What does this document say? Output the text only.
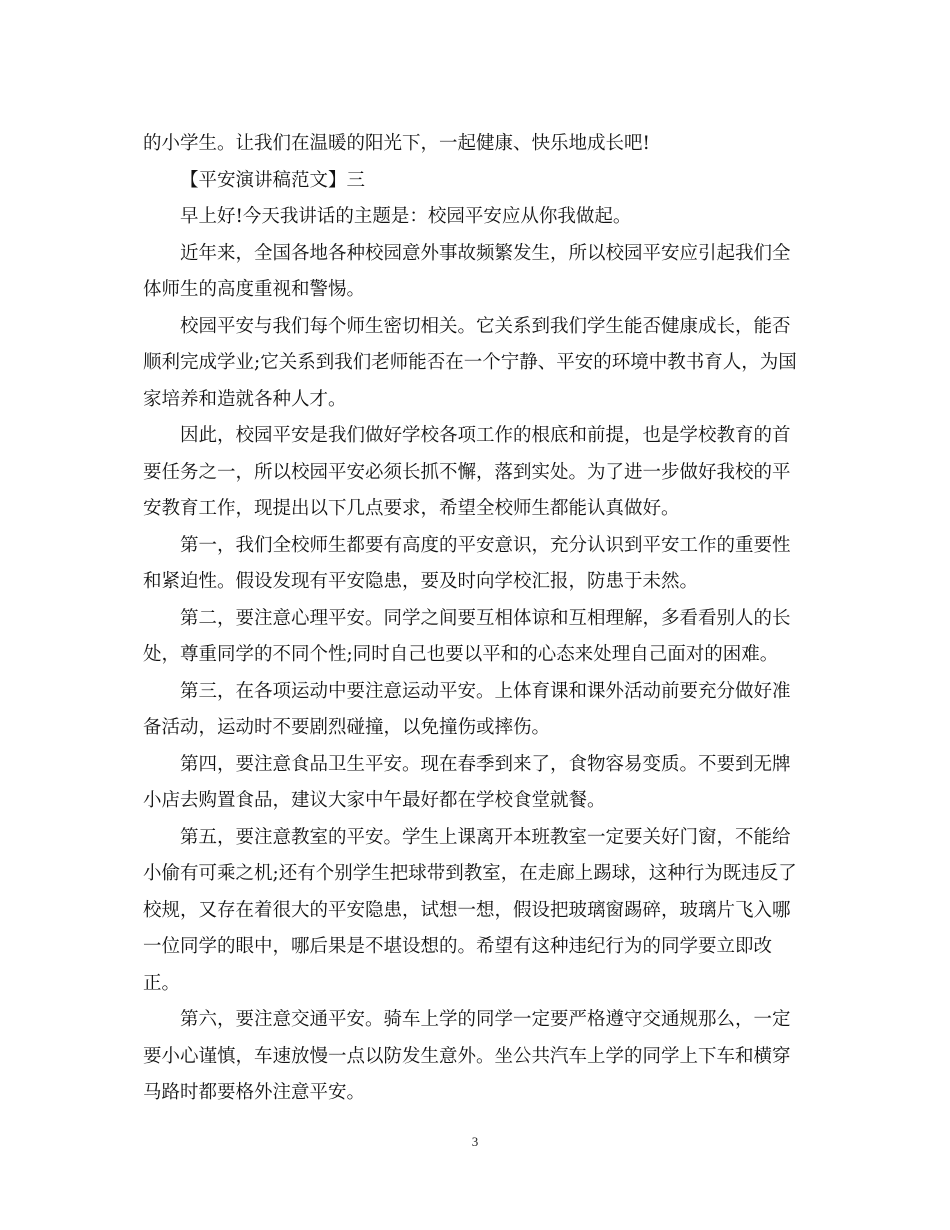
的小学生。让我们在温暖的阳光下，一起健康、快乐地成长吧!
【平安演讲稿范文】三
早上好!今天我讲话的主题是：校园平安应从你我做起。
近年来，全国各地各种校园意外事故频繁发生，所以校园平安应引起我们全
体师生的高度重视和警惕。
校园平安与我们每个师生密切相关。它关系到我们学生能否健康成长，能否
顺利完成学业;它关系到我们老师能否在一个宁静、平安的环境中教书育人，为国
家培养和造就各种人才。
因此，校园平安是我们做好学校各项工作的根底和前提，也是学校教育的首
要任务之一，所以校园平安必须长抓不懈，落到实处。为了进一步做好我校的平
安教育工作，现提出以下几点要求，希望全校师生都能认真做好。
第一，我们全校师生都要有高度的平安意识，充分认识到平安工作的重要性
和紧迫性。假设发现有平安隐患，要及时向学校汇报，防患于未然。
第二，要注意心理平安。同学之间要互相体谅和互相理解，多看看别人的长
处，尊重同学的不同个性;同时自己也要以平和的心态来处理自己面对的困难。
第三，在各项运动中要注意运动平安。上体育课和课外活动前要充分做好准
备活动，运动时不要剧烈碰撞，以免撞伤或摔伤。
第四，要注意食品卫生平安。现在春季到来了，食物容易变质。不要到无牌
小店去购置食品，建议大家中午最好都在学校食堂就餐。
第五，要注意教室的平安。学生上课离开本班教室一定要关好门窗，不能给
小偷有可乘之机;还有个别学生把球带到教室，在走廊上踢球，这种行为既违反了
校规，又存在着很大的平安隐患，试想一想，假设把玻璃窗踢碎，玻璃片飞入哪
一位同学的眼中，哪后果是不堪设想的。希望有这种违纪行为的同学要立即改
正。
第六，要注意交通平安。骑车上学的同学一定要严格遵守交通规那么，一定
要小心谨慎，车速放慢一点以防发生意外。坐公共汽车上学的同学上下车和横穿
马路时都要格外注意平安。
3
